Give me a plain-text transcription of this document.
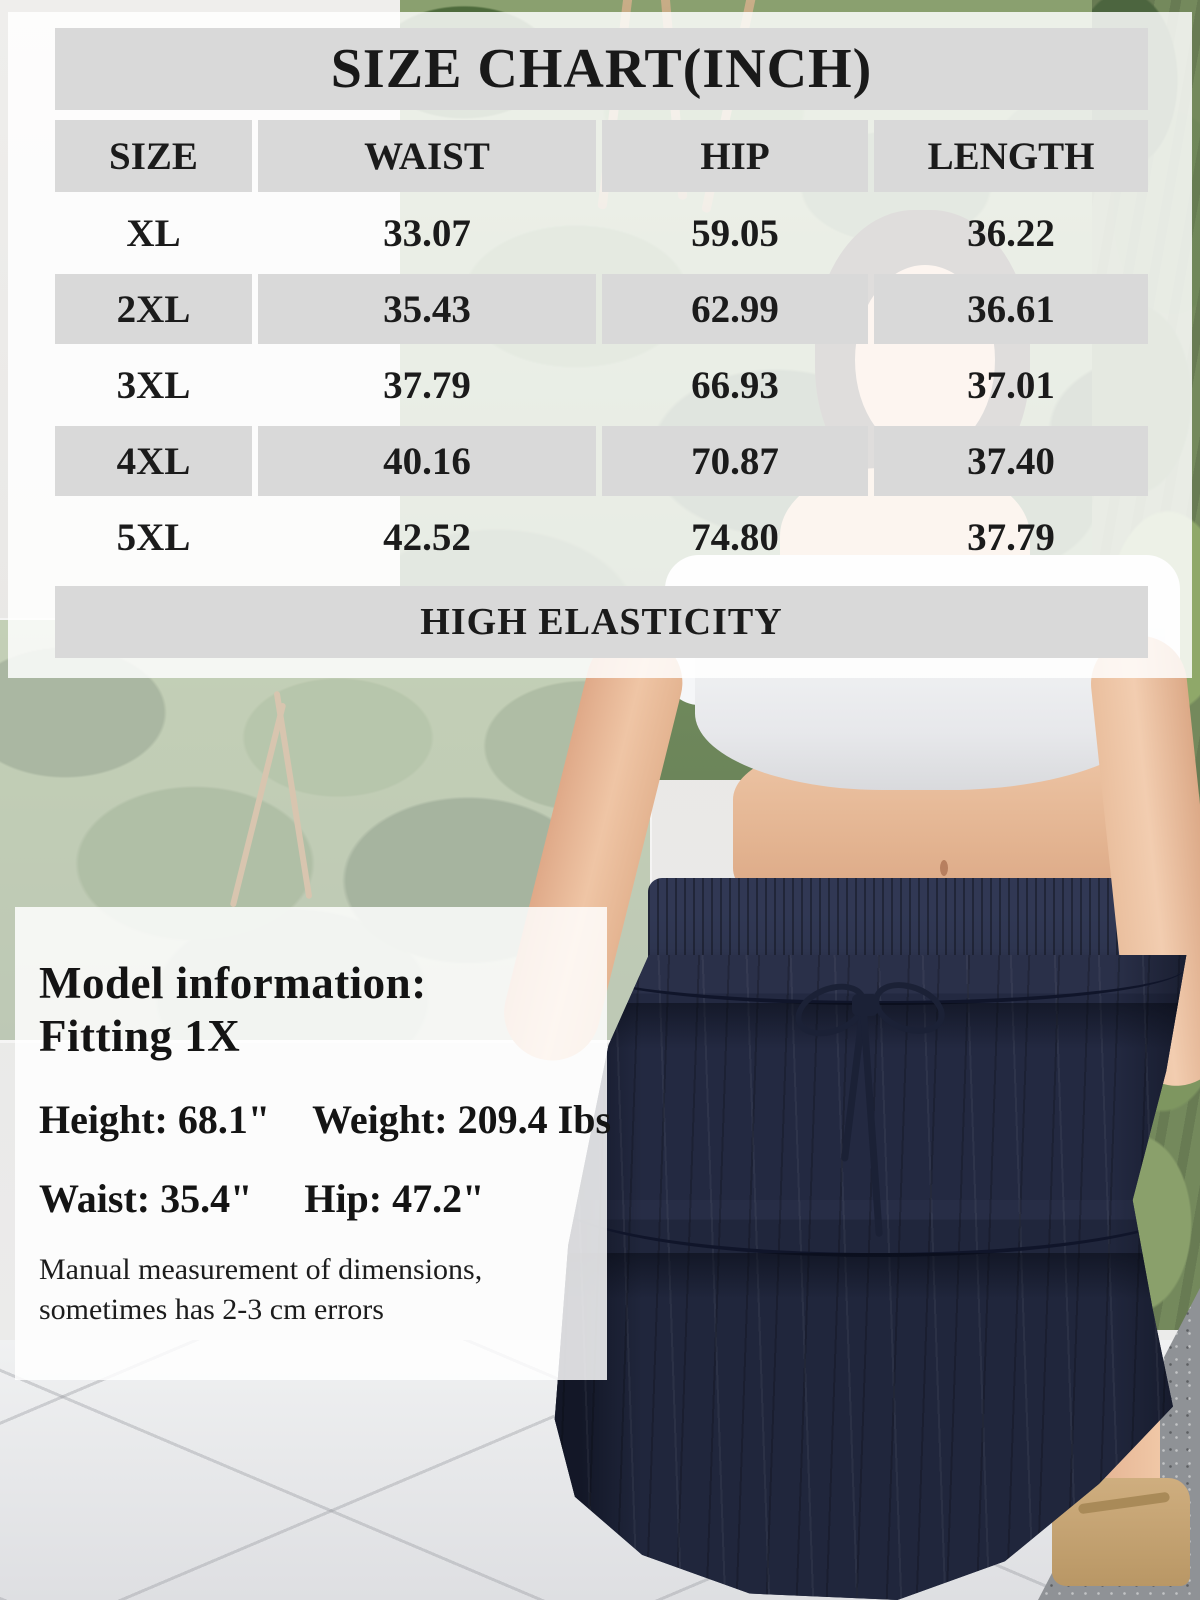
SIZE CHART(INCH)
SIZE	WAIST	HIP	LENGTH
XL	33.07	59.05	36.22
2XL	35.43	62.99	36.61
3XL	37.79	66.93	37.01
4XL	40.16	70.87	37.40
5XL	42.52	74.80	37.79
HIGH ELASTICITY
Model information:
Fitting 1X
Height: 68.1" Weight: 209.4 Ibs
Waist: 35.4" Hip: 47.2"
Manual measurement of dimensions,
sometimes has 2-3 cm errors
